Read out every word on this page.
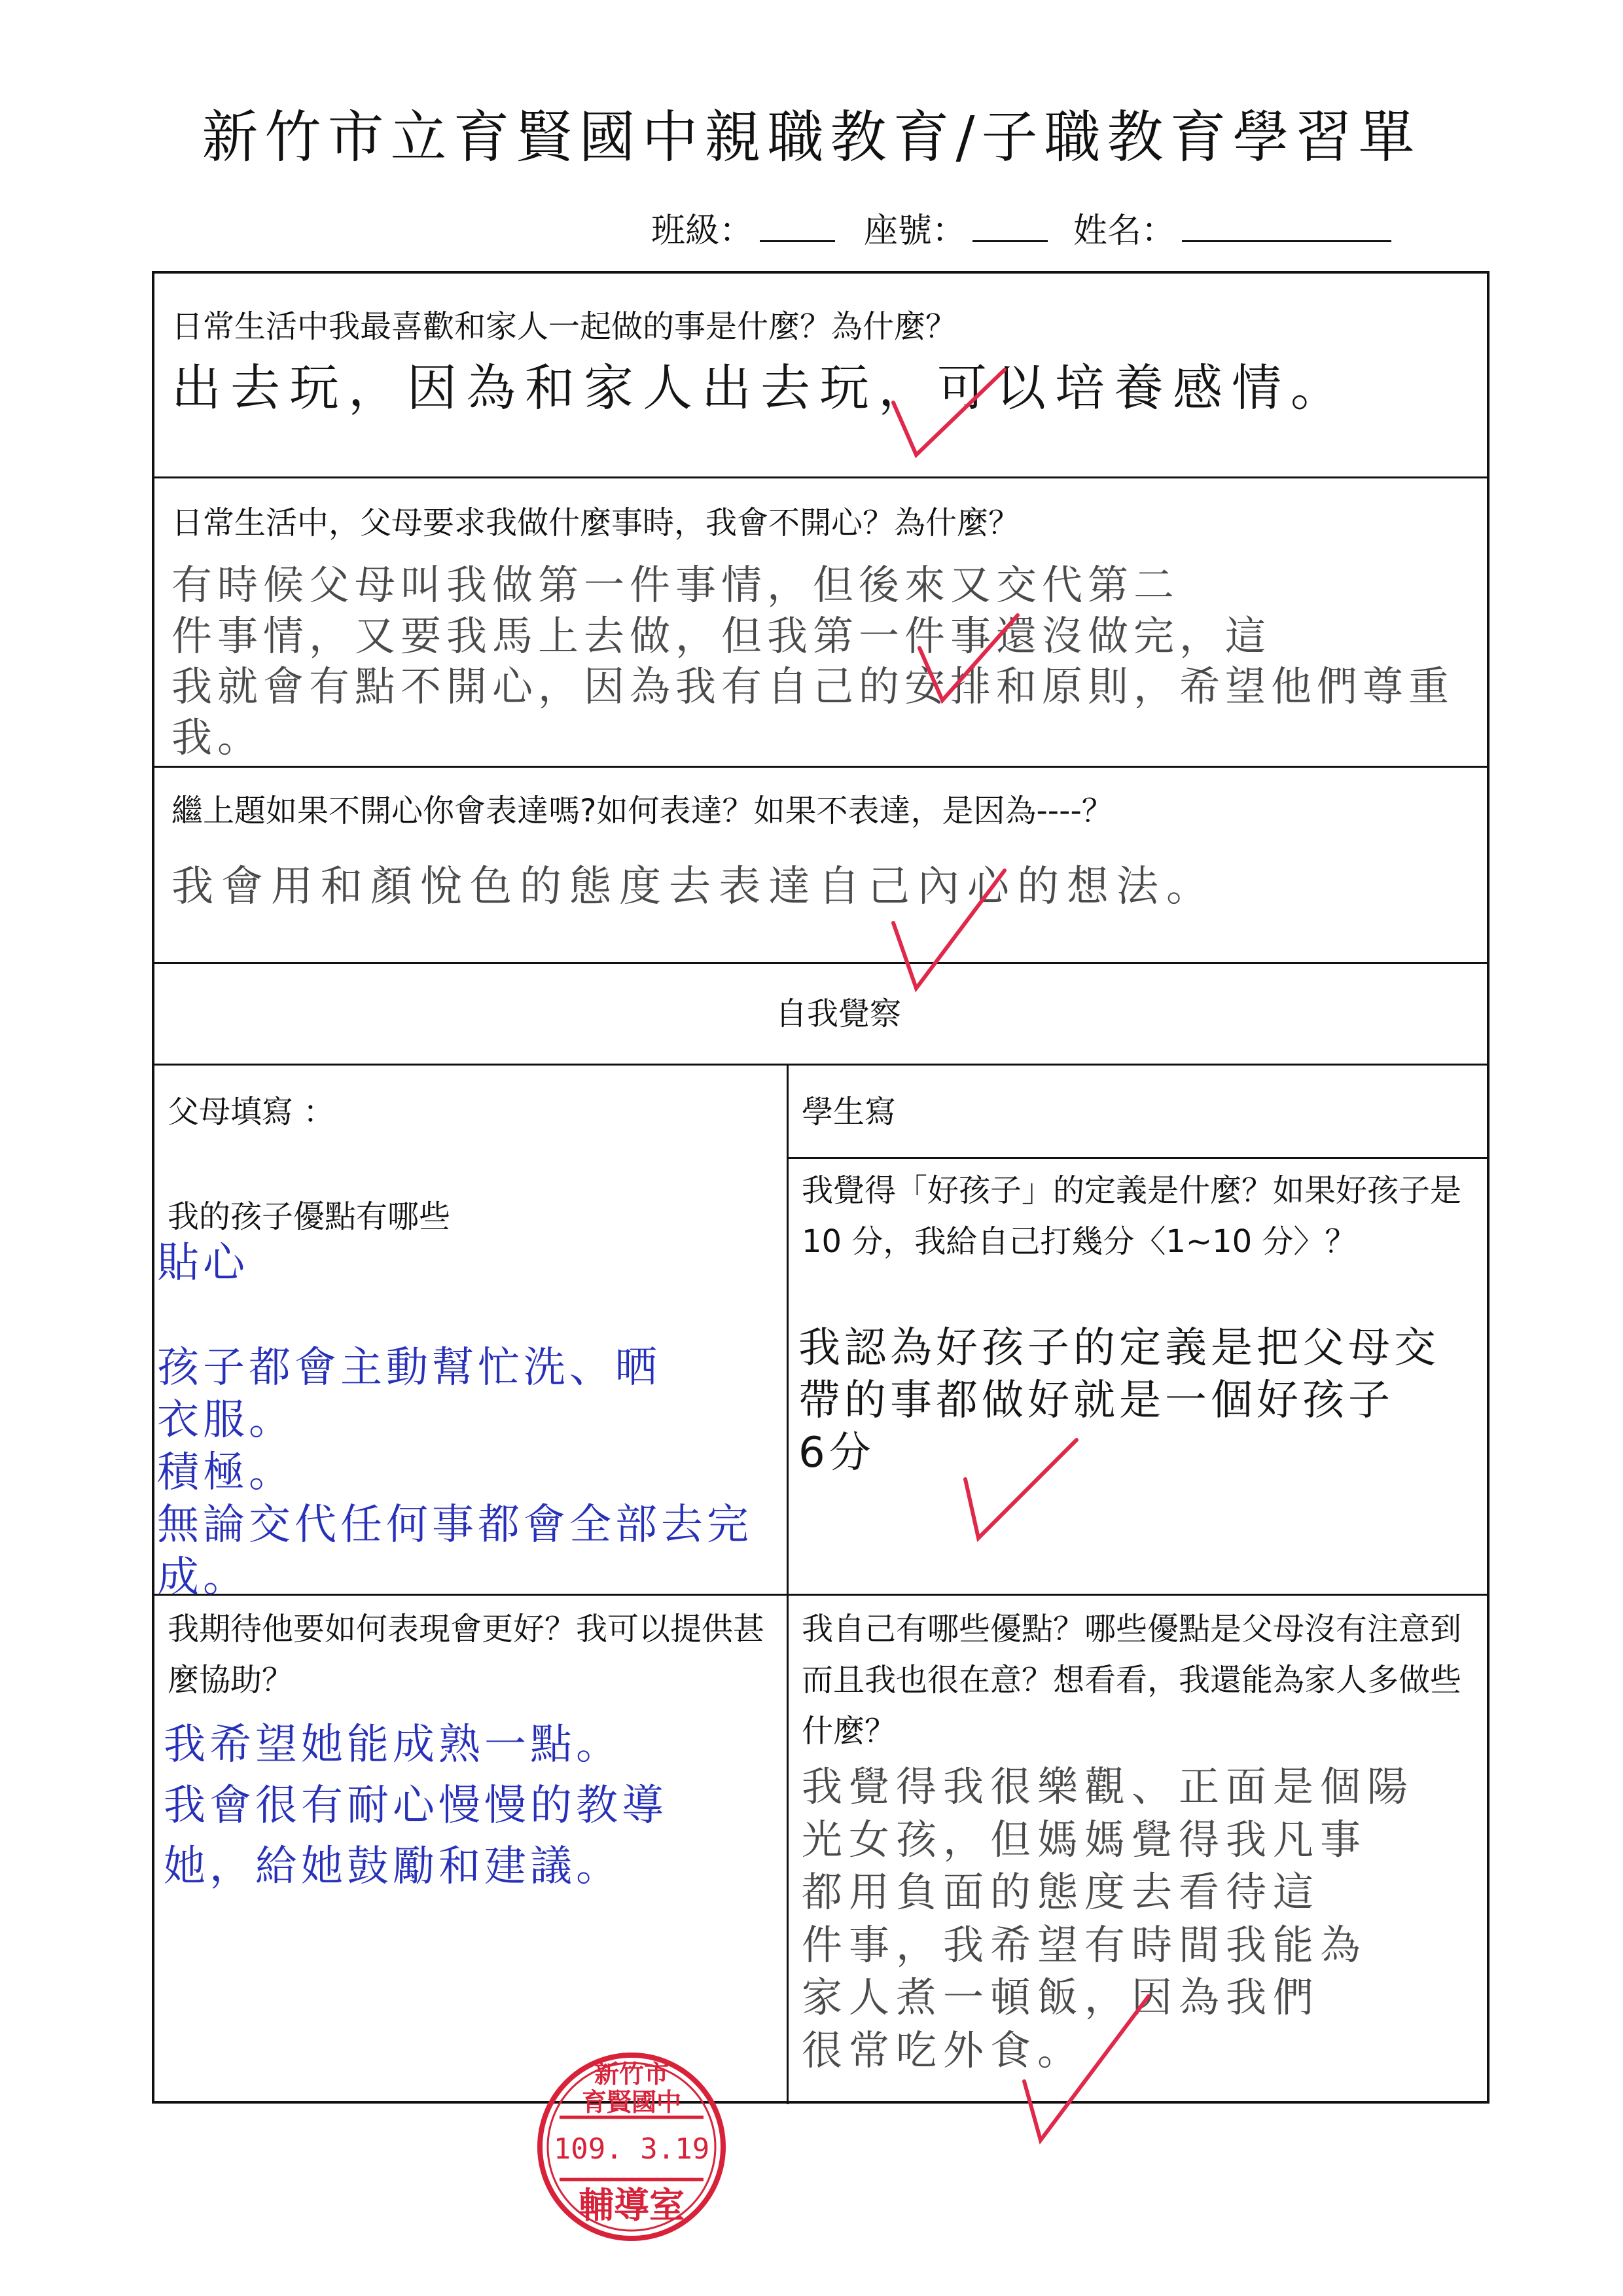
新竹市立育賢國中親職教育/子職教育學習單
班級：	座號：	姓名：
日常生活中我最喜歡和家人一起做的事是什麼？為什麼？
出去玩，因為和家人出去玩，可以培養感情。
日常生活中，父母要求我做什麼事時，我會不開心？為什麼？
有時候父母叫我做第一件事情，但後來又交代第二
件事情，又要我馬上去做，但我第一件事還沒做完，這
我就會有點不開心，因為我有自己的安排和原則，希望他們尊重我。
繼上題如果不開心你會表達嗎?如何表達？如果不表達，是因為----？
我會用和顏悅色的態度去表達自己內心的想法。
自我覺察
父母填寫 ：	學生寫
我的孩子優點有哪些
貼心

孩子都會主動幫忙洗、晒
衣服。
積極。
無論交代任何事都會全部去完成。
我覺得「好孩子」的定義是什麼？如果好孩子是 10 分，我給自己打幾分〈1~10 分〉？
我認為好孩子的定義是把父母交
帶的事都做好就是一個好孩子
6分
我期待他要如何表現會更好？我可以提供甚麼協助？
我希望她能成熟一點。
我會很有耐心慢慢的教導
她，給她鼓勵和建議。
我自己有哪些優點？哪些優點是父母沒有注意到而且我也很在意？想看看，我還能為家人多做些什麼？
我覺得我很樂觀、正面是個陽
光女孩，但媽媽覺得我凡事
都用負面的態度去看待這
件事，我希望有時間我能為
家人煮一頓飯，因為我們
很常吃外食。
新竹市
育賢國中
109. 3.19
輔導室
